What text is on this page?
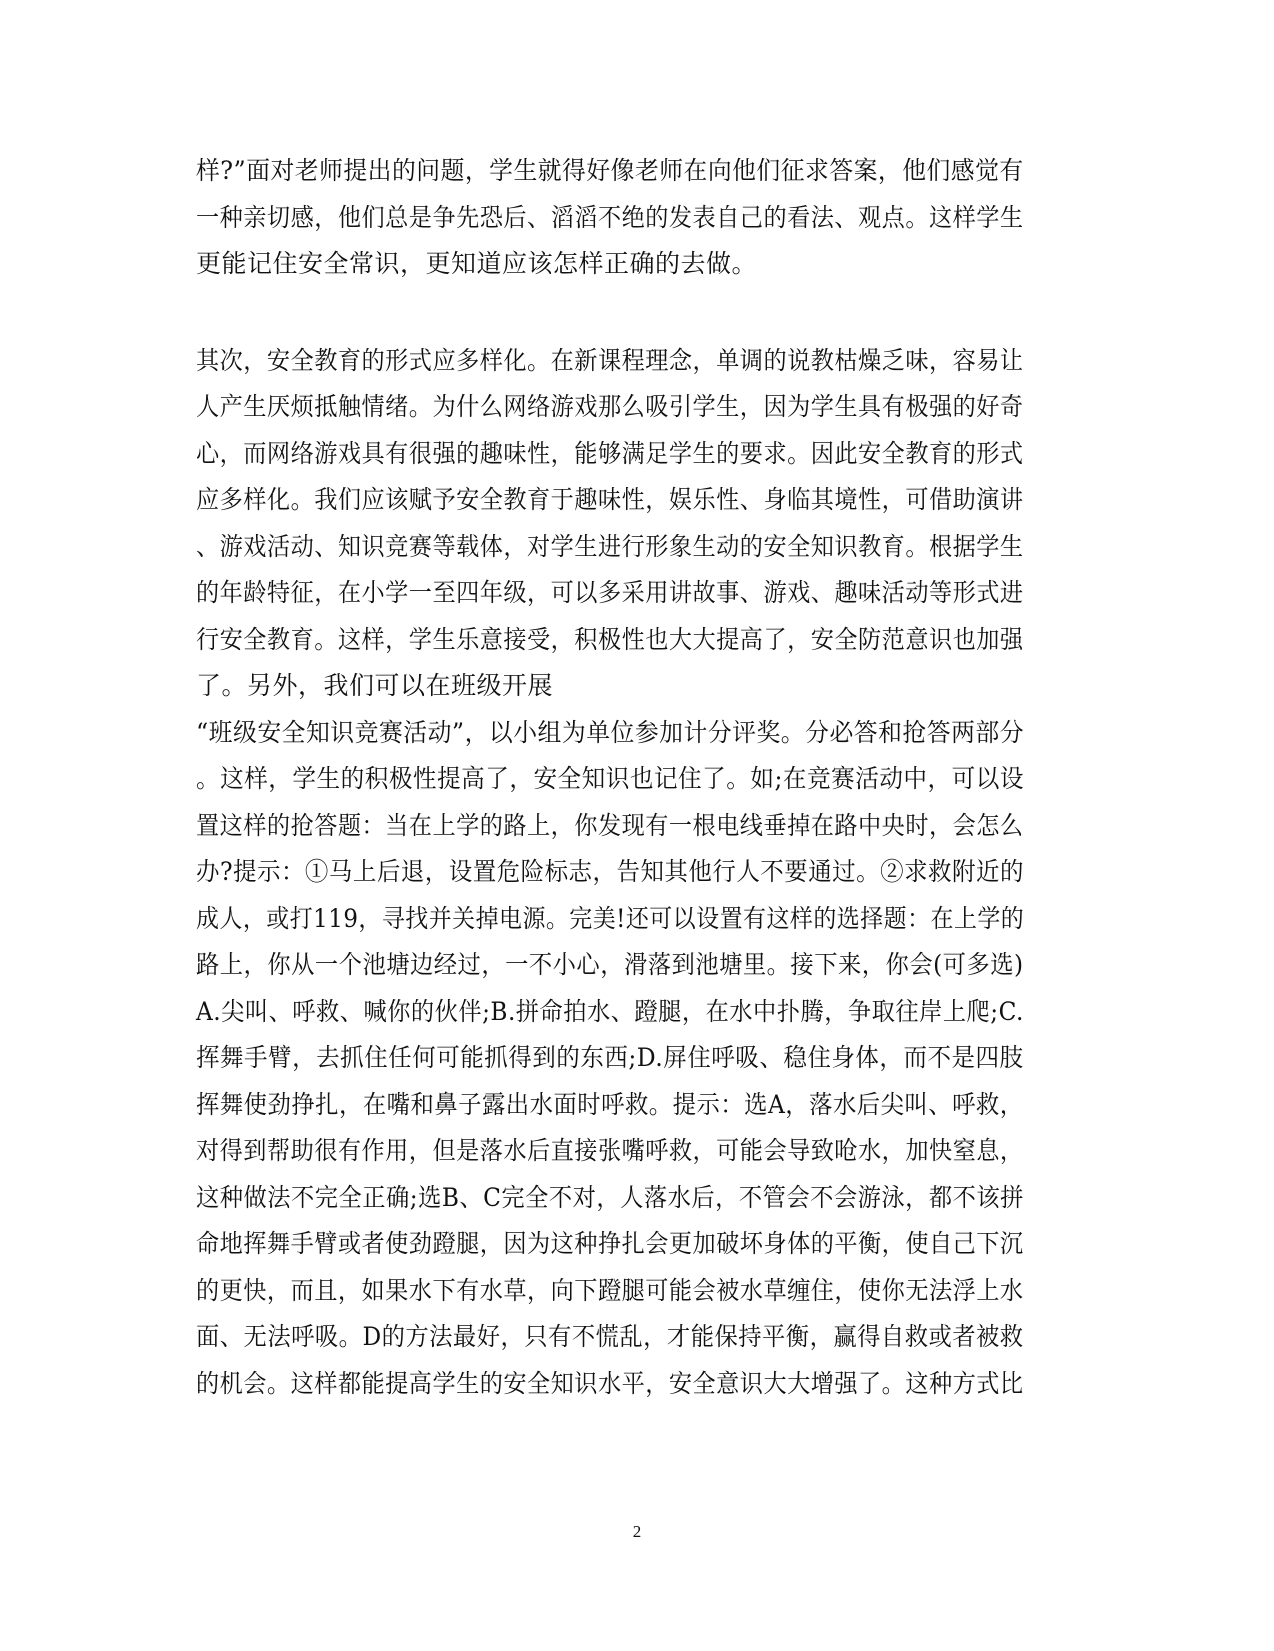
样?”面对老师提出的问题，学生就得好像老师在向他们征求答案，他们感觉有
一种亲切感，他们总是争先恐后、滔滔不绝的发表自己的看法、观点。这样学生
更能记住安全常识，更知道应该怎样正确的去做。
其次，安全教育的形式应多样化。在新课程理念，单调的说教枯燥乏味，容易让
人产生厌烦抵触情绪。为什么网络游戏那么吸引学生，因为学生具有极强的好奇
心，而网络游戏具有很强的趣味性，能够满足学生的要求。因此安全教育的形式
应多样化。我们应该赋予安全教育于趣味性，娱乐性、身临其境性，可借助演讲
、游戏活动、知识竞赛等载体，对学生进行形象生动的安全知识教育。根据学生
的年龄特征，在小学一至四年级，可以多采用讲故事、游戏、趣味活动等形式进
行安全教育。这样，学生乐意接受，积极性也大大提高了，安全防范意识也加强
了。另外，我们可以在班级开展
“班级安全知识竞赛活动”，以小组为单位参加计分评奖。分必答和抢答两部分
。这样，学生的积极性提高了，安全知识也记住了。如;在竞赛活动中，可以设
置这样的抢答题：当在上学的路上，你发现有一根电线垂掉在路中央时，会怎么
办?提示：①马上后退，设置危险标志，告知其他行人不要通过。②求救附近的
成人，或打119，寻找并关掉电源。完美!还可以设置有这样的选择题：在上学的
路上，你从一个池塘边经过，一不小心，滑落到池塘里。接下来，你会(可多选)
A.尖叫、呼救、喊你的伙伴;B.拼命拍水、蹬腿，在水中扑腾，争取往岸上爬;C.
挥舞手臂，去抓住任何可能抓得到的东西;D.屏住呼吸、稳住身体，而不是四肢
挥舞使劲挣扎，在嘴和鼻子露出水面时呼救。提示：选A，落水后尖叫、呼救，
对得到帮助很有作用，但是落水后直接张嘴呼救，可能会导致呛水，加快窒息，
这种做法不完全正确;选B、C完全不对，人落水后，不管会不会游泳，都不该拼
命地挥舞手臂或者使劲蹬腿，因为这种挣扎会更加破坏身体的平衡，使自己下沉
的更快，而且，如果水下有水草，向下蹬腿可能会被水草缠住，使你无法浮上水
面、无法呼吸。D的方法最好，只有不慌乱，才能保持平衡，赢得自救或者被救
的机会。这样都能提高学生的安全知识水平，安全意识大大增强了。这种方式比
2
